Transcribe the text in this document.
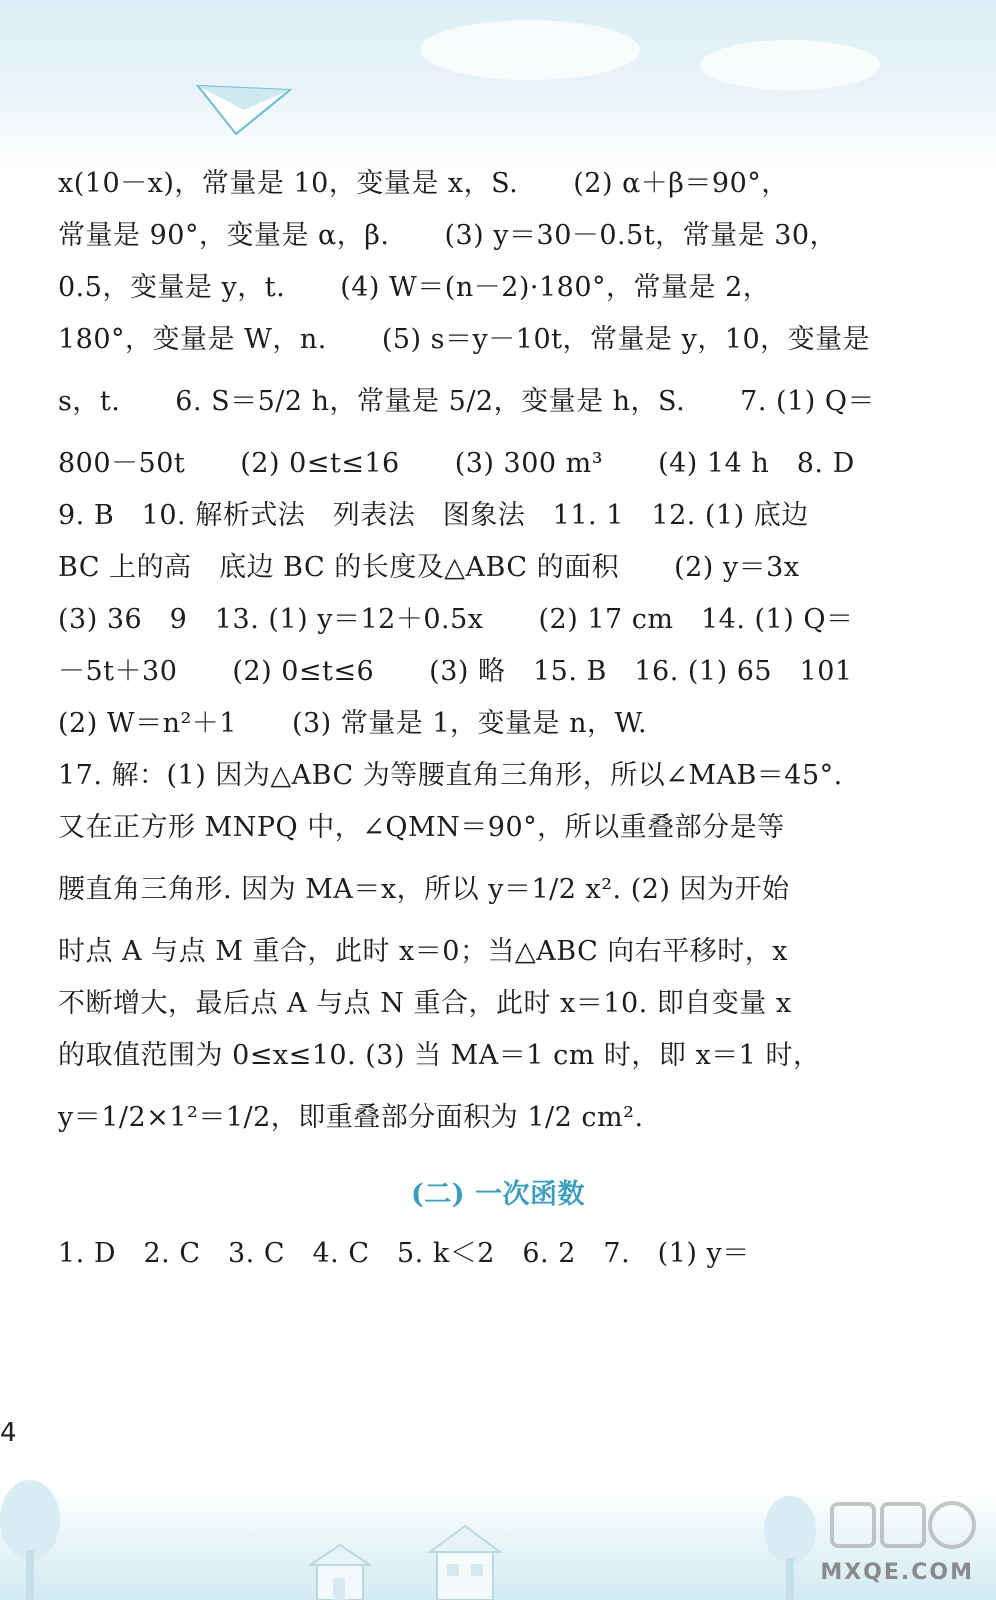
x(10－x)，常量是 10，变量是 x，S.　　(2) α＋β＝90°，
常量是 90°，变量是 α，β.　　(3) y＝30－0.5t，常量是 30，
0.5，变量是 y，t.　　(4) W＝(n－2)·180°，常量是 2，
180°，变量是 W，n.　　(5) s＝y－10t，常量是 y，10，变量是
s，t.　　6. S＝5/2 h，常量是 5/2，变量是 h，S.　　7. (1) Q＝
800－50t　　(2) 0≤t≤16　　(3) 300 m³　　(4) 14 h　8. D
9. B　10. 解析式法　列表法　图象法　11. 1　12. (1) 底边
BC 上的高　底边 BC 的长度及△ABC 的面积　　(2) y＝3x
(3) 36　9　13. (1) y＝12＋0.5x　　(2) 17 cm　14. (1) Q＝
－5t＋30　　(2) 0≤t≤6　　(3) 略　15. B　16. (1) 65　101
(2) W＝n²＋1　　(3) 常量是 1，变量是 n，W.
17. 解：(1) 因为△ABC 为等腰直角三角形，所以∠MAB＝45°.
又在正方形 MNPQ 中，∠QMN＝90°，所以重叠部分是等
腰直角三角形. 因为 MA＝x，所以 y＝1/2 x². (2) 因为开始
时点 A 与点 M 重合，此时 x＝0；当△ABC 向右平移时，x
不断增大，最后点 A 与点 N 重合，此时 x＝10. 即自变量 x
的取值范围为 0≤x≤10. (3) 当 MA＝1 cm 时，即 x＝1 时，
y＝1/2×1²＝1/2，即重叠部分面积为 1/2 cm².
(二) 一次函数
1. D　2. C　3. C　4. C　5. k＜2　6. 2　7.　(1) y＝
4
MXQE.COM
